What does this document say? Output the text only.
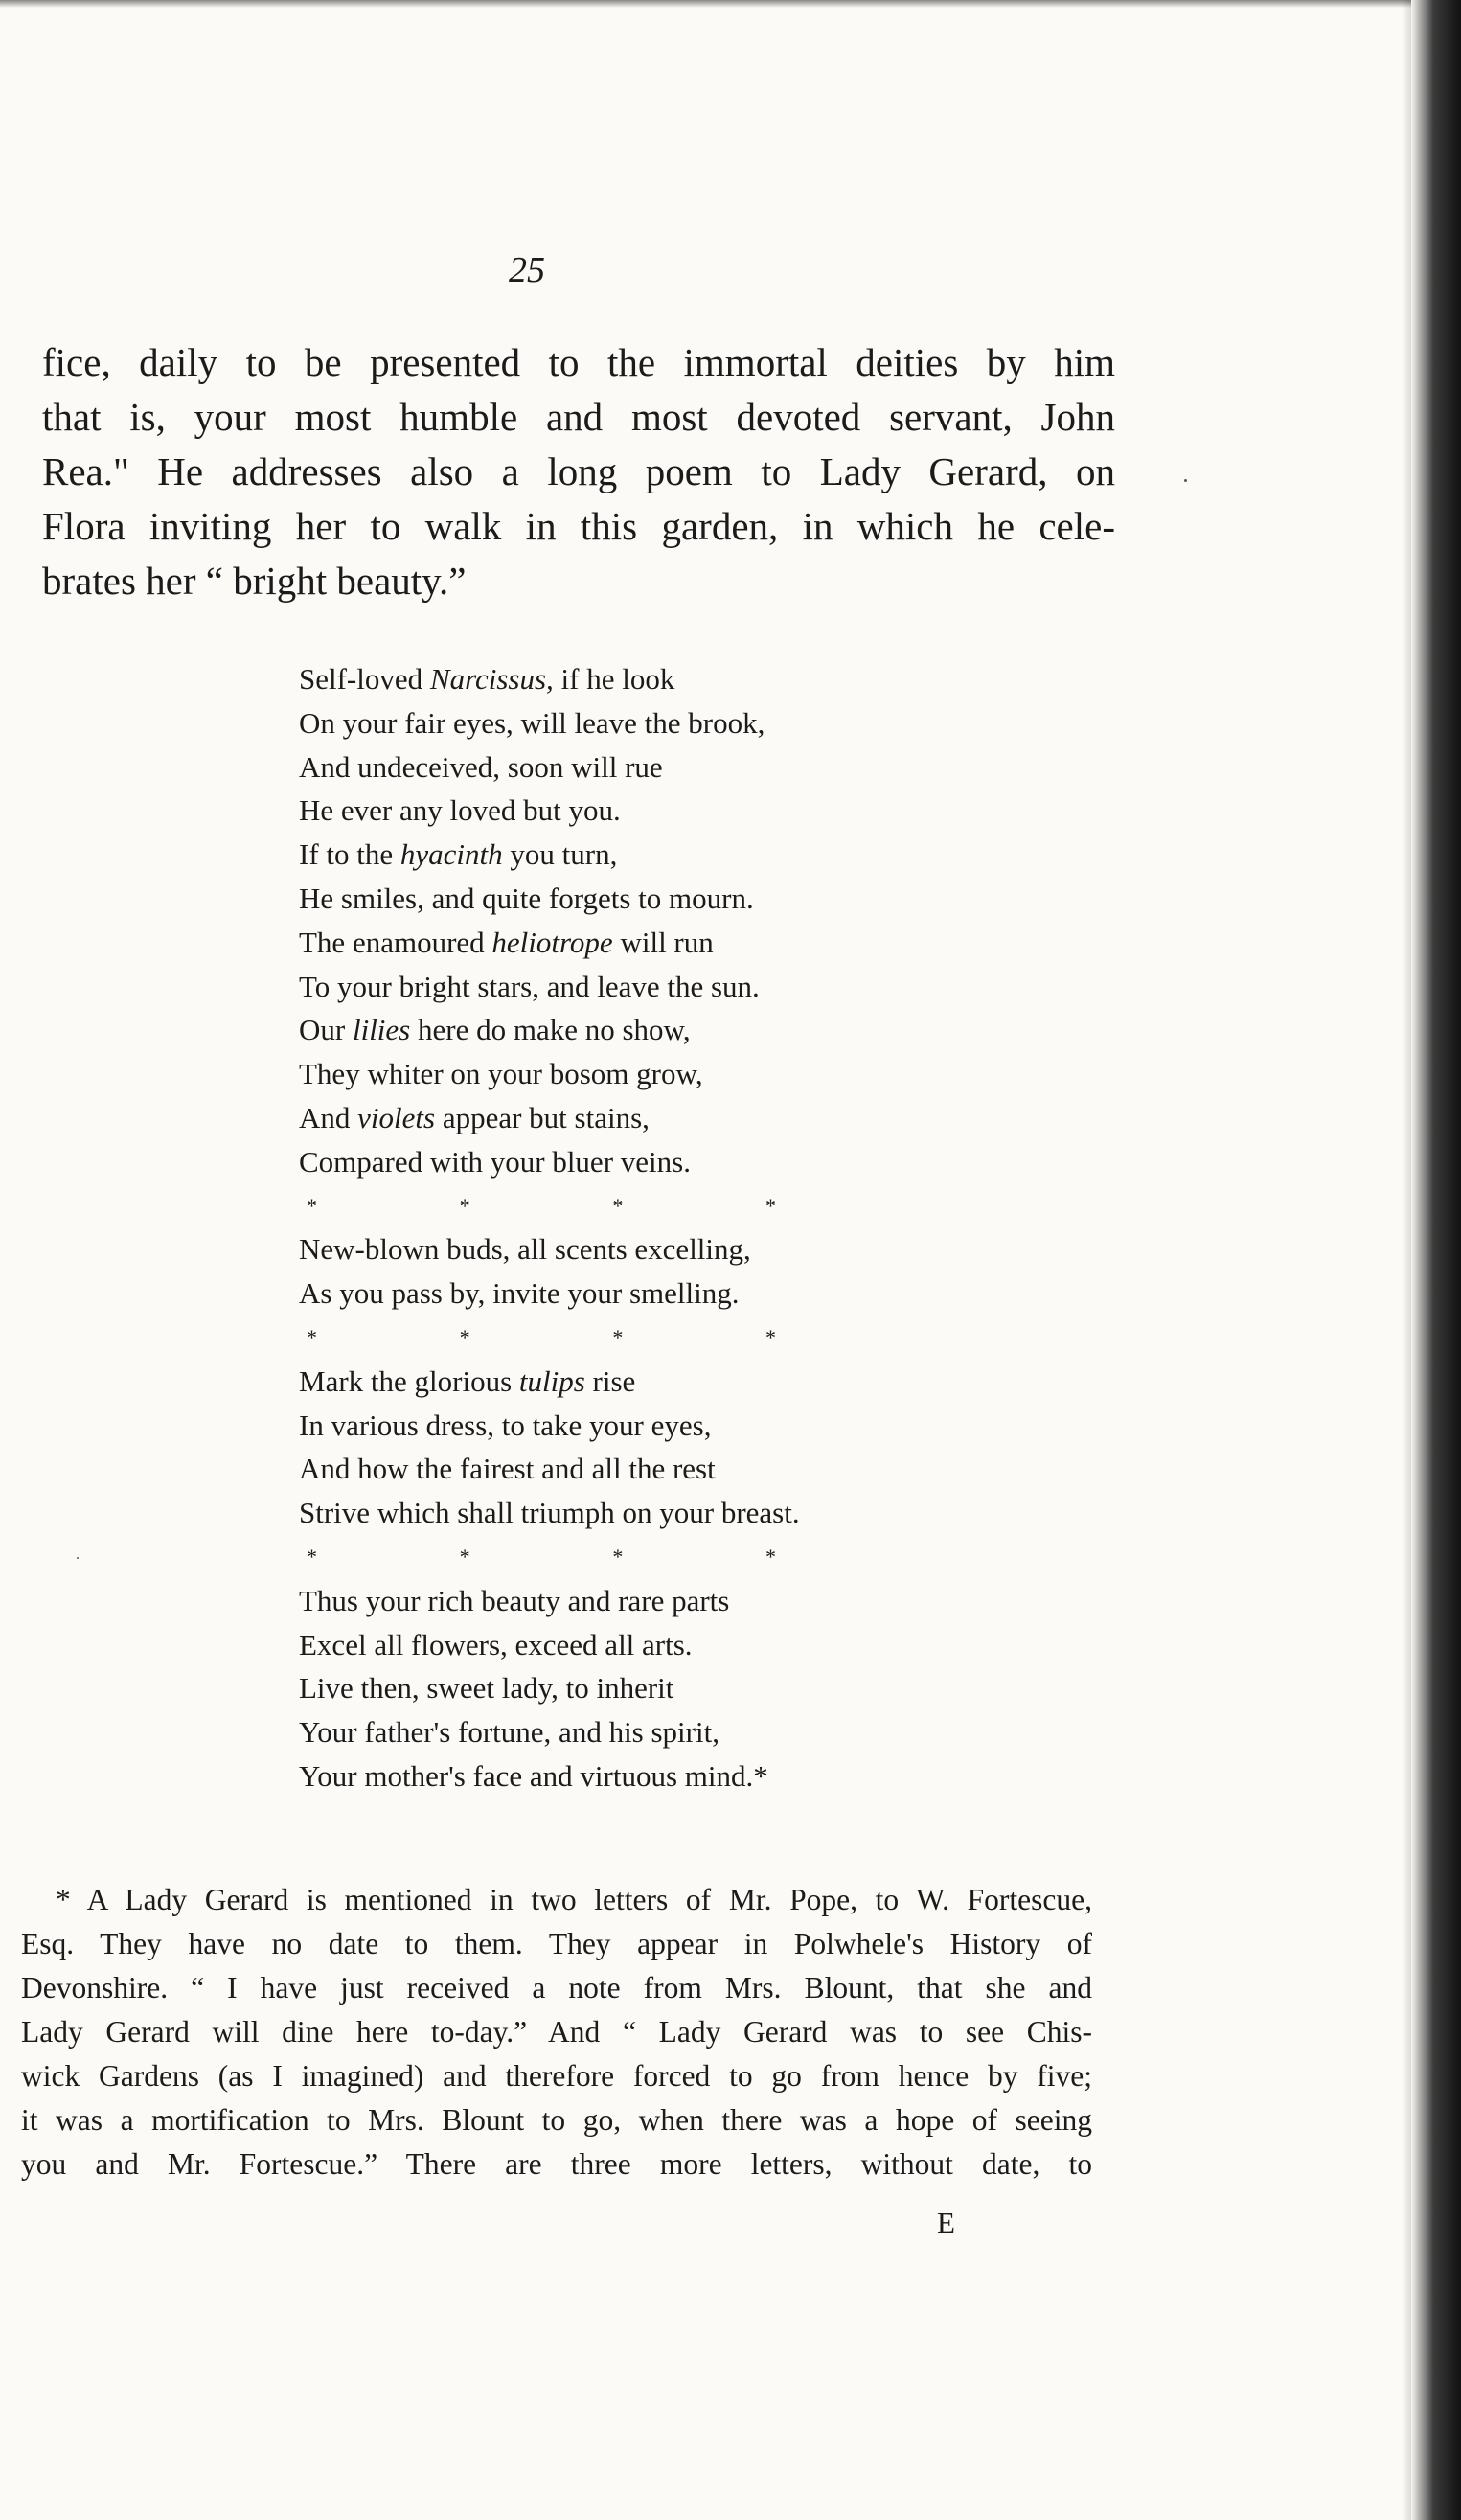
25
fice, daily to be presented to the immortal deities by him
that is, your most humble and most devoted servant, John
Rea." He addresses also a long poem to Lady Gerard, on
Flora inviting her to walk in this garden, in which he cele-
brates her “ bright beauty.”
Self-loved Narcissus, if he look
On your fair eyes, will leave the brook,
And undeceived, soon will rue
He ever any loved but you.
If to the hyacinth you turn,
He smiles, and quite forgets to mourn.
The enamoured heliotrope will run
To your bright stars, and leave the sun.
Our lilies here do make no show,
They whiter on your bosom grow,
And violets appear but stains,
Compared with your bluer veins.
*	*	*	*
New-blown buds, all scents excelling,
As you pass by, invite your smelling.
*	*	*	*
Mark the glorious tulips rise
In various dress, to take your eyes,
And how the fairest and all the rest
Strive which shall triumph on your breast.
*	*	*	*
Thus your rich beauty and rare parts
Excel all flowers, exceed all arts.
Live then, sweet lady, to inherit
Your father's fortune, and his spirit,
Your mother's face and virtuous mind.*
* A Lady Gerard is mentioned in two letters of Mr. Pope, to W. Fortescue,
Esq. They have no date to them. They appear in Polwhele's History of
Devonshire. “ I have just received a note from Mrs. Blount, that she and
Lady Gerard will dine here to-day.” And “ Lady Gerard was to see Chis-
wick Gardens (as I imagined) and therefore forced to go from hence by five;
it was a mortification to Mrs. Blount to go, when there was a hope of seeing
you and Mr. Fortescue.” There are three more letters, without date, to
E
